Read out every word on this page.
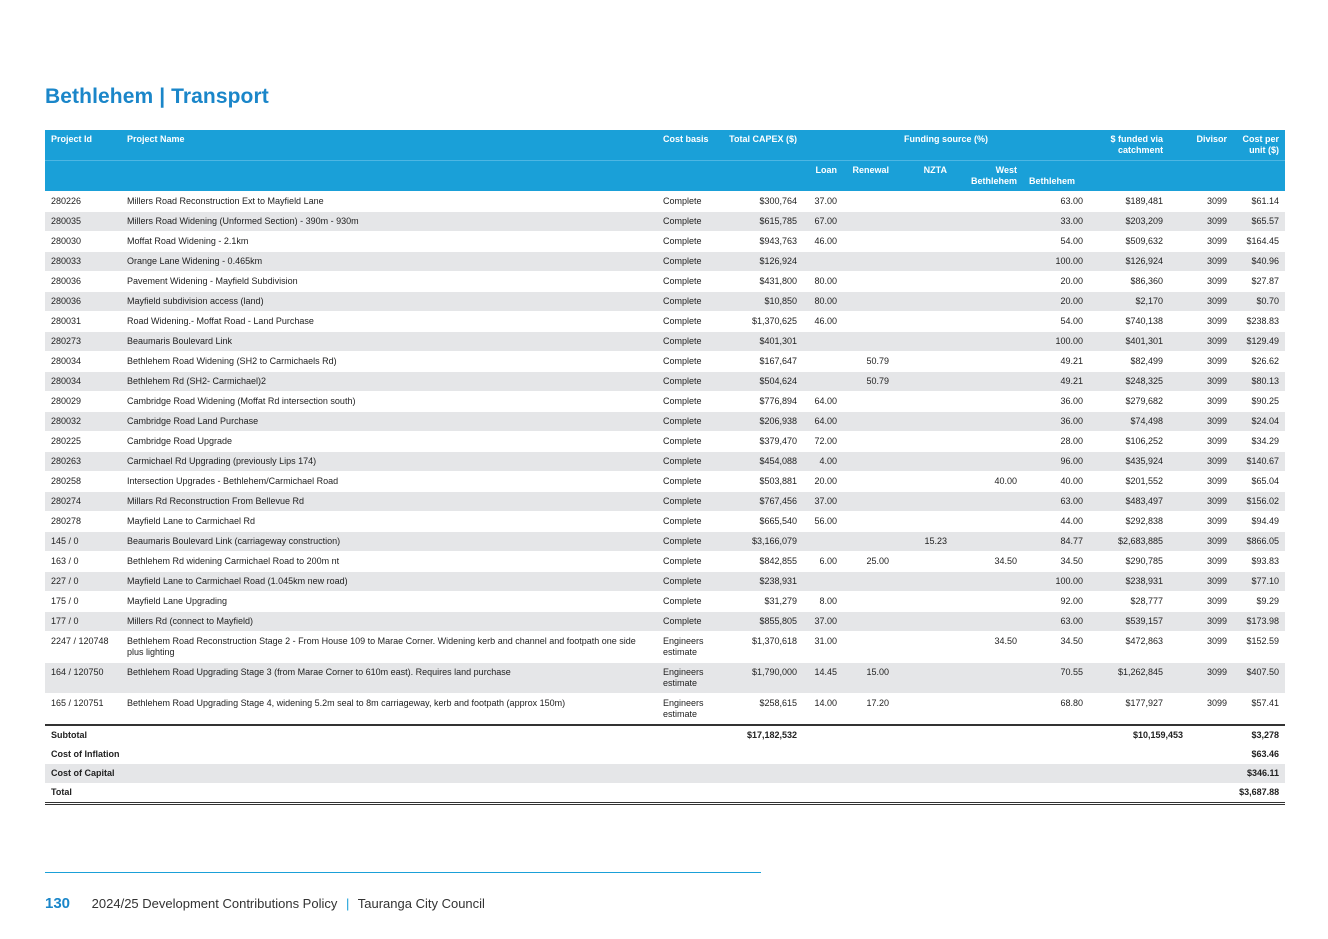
Bethlehem | Transport
Project Id	Project Name	Cost basis	Total CAPEX ($)	Funding source (%)					$ funded via catchment	Divisor	Cost per unit ($)
				Loan	Renewal	NZTA	West Bethlehem	Bethlehem			
280226	Millers Road Reconstruction Ext to Mayfield Lane	Complete	$300,764	37.00				63.00	$189,481	3099	$61.14
280035	Millers Road Widening (Unformed Section) - 390m - 930m	Complete	$615,785	67.00				33.00	$203,209	3099	$65.57
280030	Moffat Road Widening - 2.1km	Complete	$943,763	46.00				54.00	$509,632	3099	$164.45
280033	Orange Lane Widening - 0.465km	Complete	$126,924					100.00	$126,924	3099	$40.96
280036	Pavement Widening - Mayfield Subdivision	Complete	$431,800	80.00				20.00	$86,360	3099	$27.87
280036	Mayfield subdivision access (land)	Complete	$10,850	80.00				20.00	$2,170	3099	$0.70
280031	Road Widening.- Moffat Road - Land Purchase	Complete	$1,370,625	46.00				54.00	$740,138	3099	$238.83
280273	Beaumaris Boulevard Link	Complete	$401,301					100.00	$401,301	3099	$129.49
280034	Bethlehem Road Widening (SH2 to Carmichaels Rd)	Complete	$167,647		50.79			49.21	$82,499	3099	$26.62
280034	Bethlehem Rd (SH2- Carmichael)2	Complete	$504,624		50.79			49.21	$248,325	3099	$80.13
280029	Cambridge Road Widening (Moffat Rd intersection south)	Complete	$776,894	64.00				36.00	$279,682	3099	$90.25
280032	Cambridge Road Land Purchase	Complete	$206,938	64.00				36.00	$74,498	3099	$24.04
280225	Cambridge Road Upgrade	Complete	$379,470	72.00				28.00	$106,252	3099	$34.29
280263	Carmichael Rd Upgrading (previously Lips 174)	Complete	$454,088	4.00				96.00	$435,924	3099	$140.67
280258	Intersection Upgrades - Bethlehem/Carmichael Road	Complete	$503,881	20.00			40.00	40.00	$201,552	3099	$65.04
280274	Millars Rd Reconstruction From Bellevue Rd	Complete	$767,456	37.00				63.00	$483,497	3099	$156.02
280278	Mayfield Lane to Carmichael Rd	Complete	$665,540	56.00				44.00	$292,838	3099	$94.49
145 / 0	Beaumaris Boulevard Link (carriageway construction)	Complete	$3,166,079			15.23		84.77	$2,683,885	3099	$866.05
163 / 0	Bethlehem Rd widening Carmichael Road to 200m nt	Complete	$842,855	6.00	25.00		34.50	34.50	$290,785	3099	$93.83
227 / 0	Mayfield Lane to Carmichael Road (1.045km new road)	Complete	$238,931					100.00	$238,931	3099	$77.10
175 / 0	Mayfield Lane Upgrading	Complete	$31,279	8.00				92.00	$28,777	3099	$9.29
177 / 0	Millers Rd (connect to Mayfield)	Complete	$855,805	37.00				63.00	$539,157	3099	$173.98
2247 / 120748	Bethlehem Road Reconstruction Stage 2 - From House 109 to Marae Corner. Widening kerb and channel and footpath one side plus lighting	Engineers estimate	$1,370,618	31.00			34.50	34.50	$472,863	3099	$152.59
164 / 120750	Bethlehem Road Upgrading Stage 3 (from Marae Corner to 610m east). Requires land purchase	Engineers estimate	$1,790,000	14.45	15.00			70.55	$1,262,845	3099	$407.50
165 / 120751	Bethlehem Road Upgrading Stage 4, widening 5.2m seal to 8m carriageway, kerb and footpath (approx 150m)	Engineers estimate	$258,615	14.00	17.20			68.80	$177,927	3099	$57.41
Subtotal			$17,182,532						$10,159,453		$3,278
Cost of Inflation											$63.46
Cost of Capital											$346.11
Total											$3,687.88
130 2024/25 Development Contributions Policy | Tauranga City Council
